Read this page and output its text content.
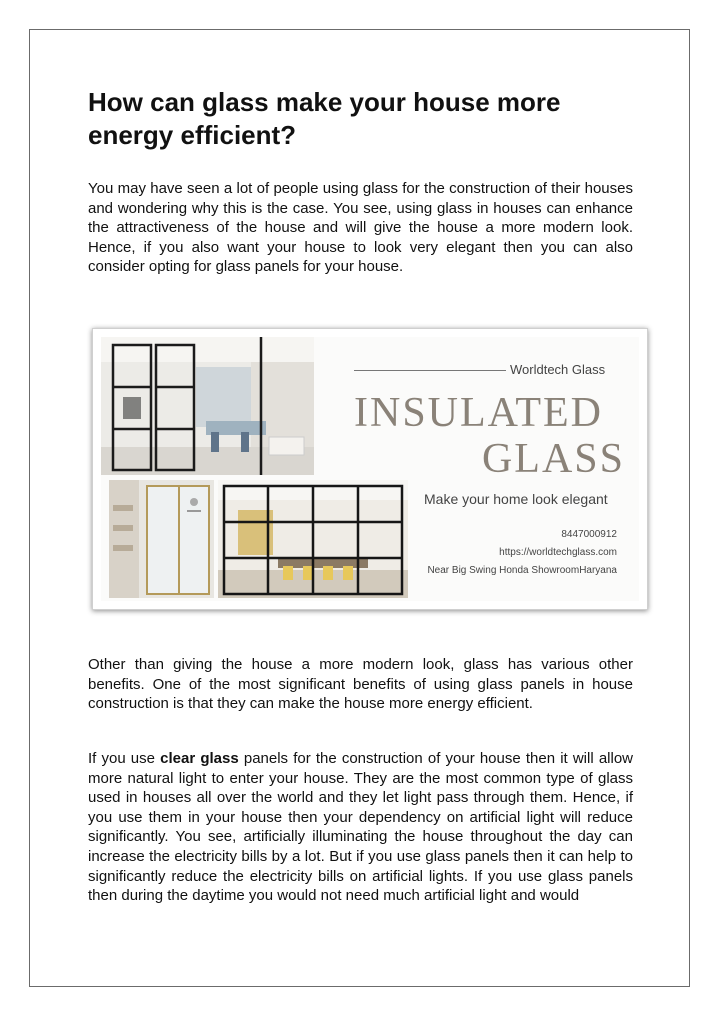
How can glass make your house more energy efficient?

You may have seen a lot of people using glass for the construction of their houses and wondering why this is the case. You see, using glass in houses can enhance the attractiveness of the house and will give the house a more modern look. Hence, if you also want your house to look very elegant then you can also consider opting for glass panels for your house.

Worldtech Glass
INSULATED
GLASS
Make your home look elegant
8447000912
https://worldtechglass.com
Near Big Swing Honda ShowroomHaryana

Other than giving the house a more modern look, glass has various other benefits. One of the most significant benefits of using glass panels in house construction is that they can make the house more energy efficient.

If you use clear glass panels for the construction of your house then it will allow more natural light to enter your house. They are the most common type of glass used in houses all over the world and they let light pass through them. Hence, if you use them in your house then your dependency on artificial light will reduce significantly. You see, artificially illuminating the house throughout the day can increase the electricity bills by a lot. But if you use glass panels then it can help to significantly reduce the electricity bills on artificial lights. If you use glass panels then during the daytime you would not need much artificial light and would
